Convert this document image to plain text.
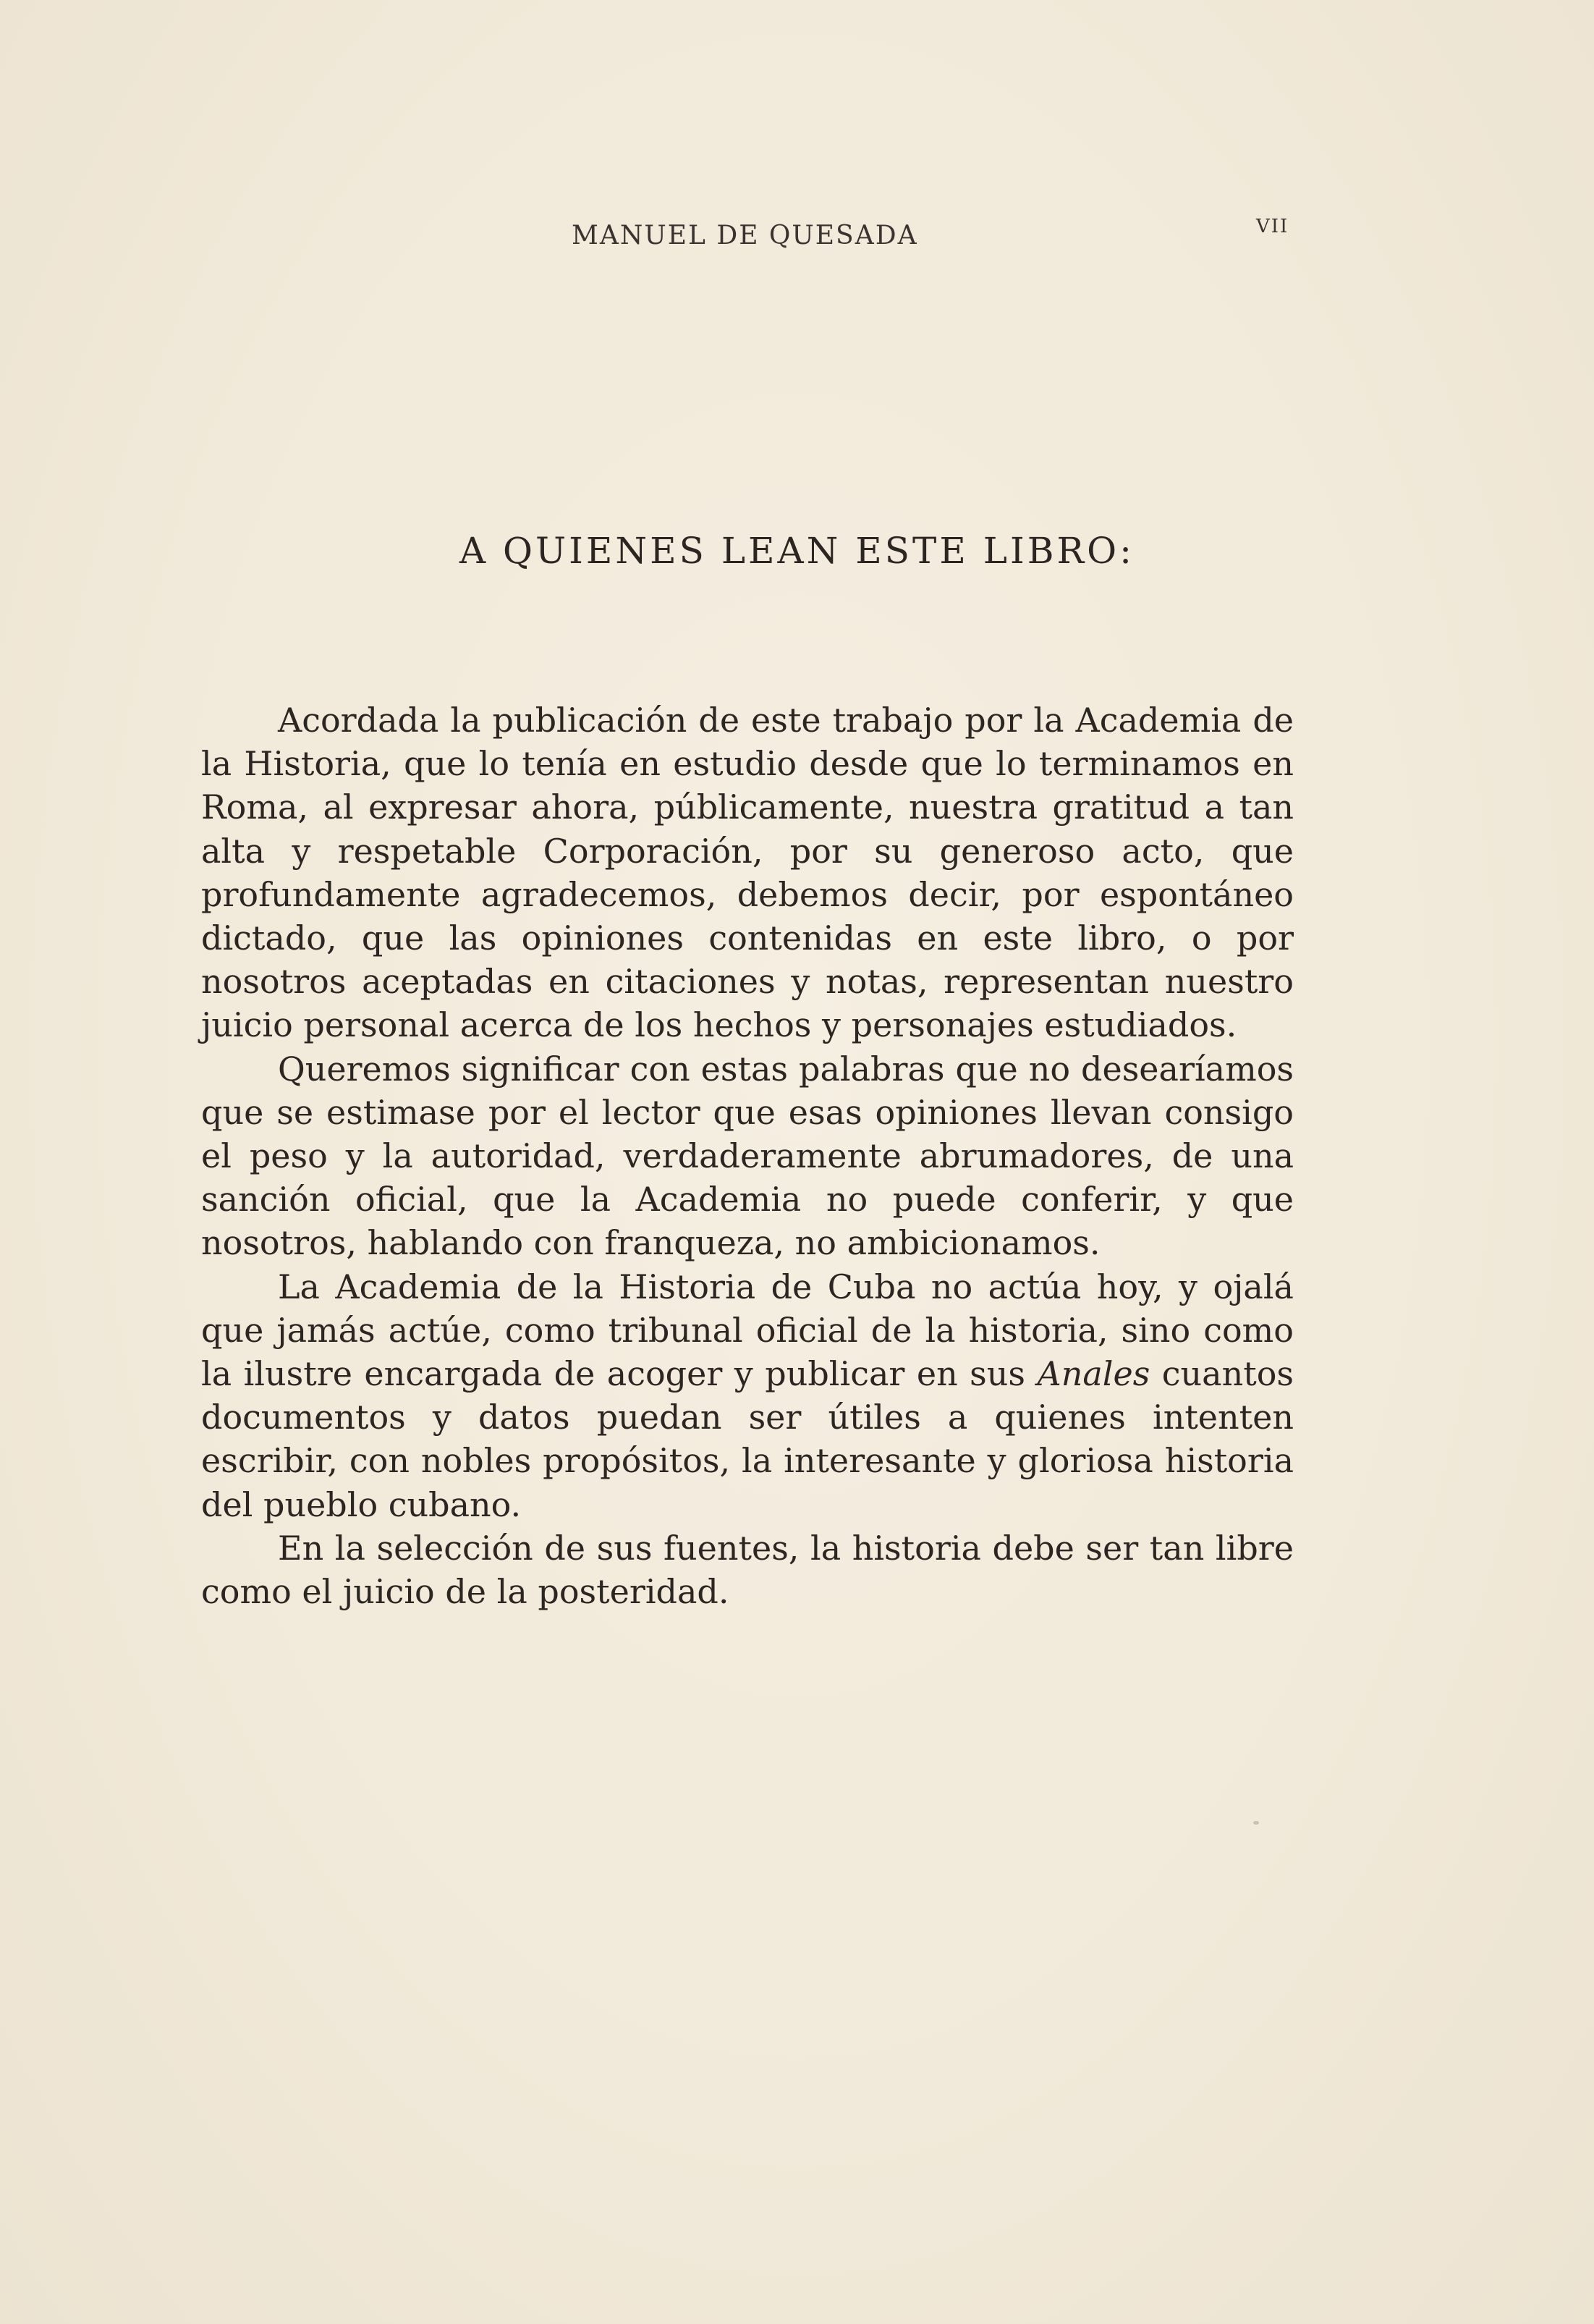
MANUEL DE QUESADA	VII
A QUIENES LEAN ESTE LIBRO:

Acordada la publicación de este trabajo por la Academia de la Historia, que lo tenía en estudio desde que lo terminamos en Roma, al expresar ahora, públicamente, nuestra gratitud a tan alta y respetable Corporación, por su generoso acto, que profundamente agradecemos, debemos decir, por espontáneo dictado, que las opiniones contenidas en este libro, o por nosotros aceptadas en citaciones y notas, representan nuestro juicio personal acerca de los hechos y personajes estudiados.

Queremos significar con estas palabras que no desearíamos que se estimase por el lector que esas opiniones llevan consigo el peso y la autoridad, verdaderamente abrumadores, de una sanción oficial, que la Academia no puede conferir, y que nosotros, hablando con franqueza, no ambicionamos.

La Academia de la Historia de Cuba no actúa hoy, y ojalá que jamás actúe, como tribunal oficial de la historia, sino como la ilustre encargada de acoger y publicar en sus Anales cuantos documentos y datos puedan ser útiles a quienes intenten escribir, con nobles propósitos, la interesante y gloriosa historia del pueblo cubano.

En la selección de sus fuentes, la historia debe ser tan libre como el juicio de la posteridad.
